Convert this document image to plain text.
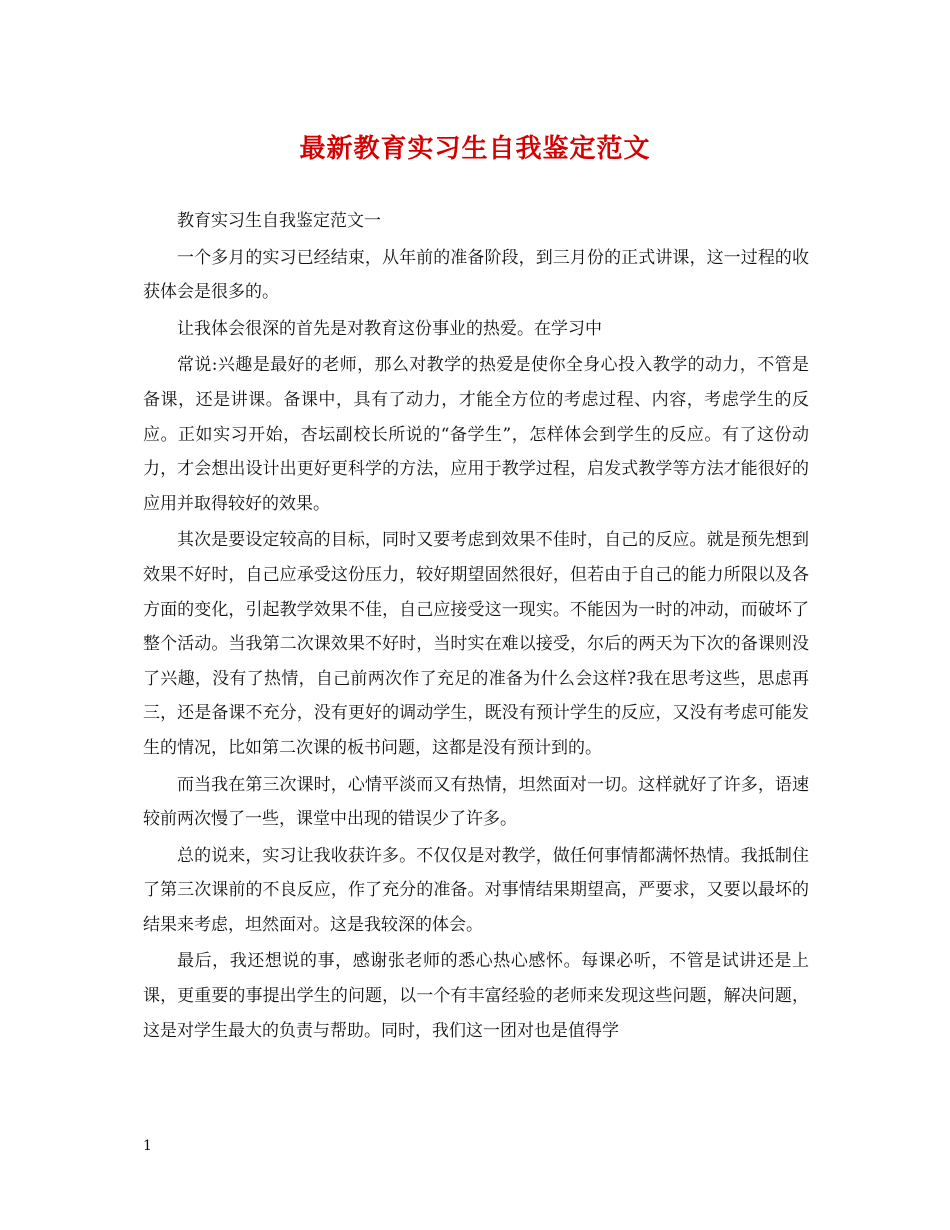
最新教育实习生自我鉴定范文

教育实习生自我鉴定范文一

一个多月的实习已经结束，从年前的准备阶段，到三月份的正式讲课，这一过程的收获体会是很多的。

让我体会很深的首先是对教育这份事业的热爱。在学习中

常说:兴趣是最好的老师，那么对教学的热爱是使你全身心投入教学的动力，不管是备课，还是讲课。备课中，具有了动力，才能全方位的考虑过程、内容，考虑学生的反应。正如实习开始，杏坛副校长所说的“备学生”，怎样体会到学生的反应。有了这份动力，才会想出设计出更好更科学的方法，应用于教学过程，启发式教学等方法才能很好的应用并取得较好的效果。

其次是要设定较高的目标，同时又要考虑到效果不佳时，自己的反应。就是预先想到效果不好时，自己应承受这份压力，较好期望固然很好，但若由于自己的能力所限以及各方面的变化，引起教学效果不佳，自己应接受这一现实。不能因为一时的冲动，而破坏了整个活动。当我第二次课效果不好时，当时实在难以接受，尔后的两天为下次的备课则没了兴趣，没有了热情，自己前两次作了充足的准备为什么会这样?我在思考这些，思虑再三，还是备课不充分，没有更好的调动学生，既没有预计学生的反应，又没有考虑可能发生的情况，比如第二次课的板书问题，这都是没有预计到的。

而当我在第三次课时，心情平淡而又有热情，坦然面对一切。这样就好了许多，语速较前两次慢了一些，课堂中出现的错误少了许多。

总的说来，实习让我收获许多。不仅仅是对教学，做任何事情都满怀热情。我抵制住了第三次课前的不良反应，作了充分的准备。对事情结果期望高，严要求，又要以最坏的结果来考虑，坦然面对。这是我较深的体会。

最后，我还想说的事，感谢张老师的悉心热心感怀。每课必听，不管是试讲还是上课，更重要的事提出学生的问题，以一个有丰富经验的老师来发现这些问题，解决问题，这是对学生最大的负责与帮助。同时，我们这一团对也是值得学

1
